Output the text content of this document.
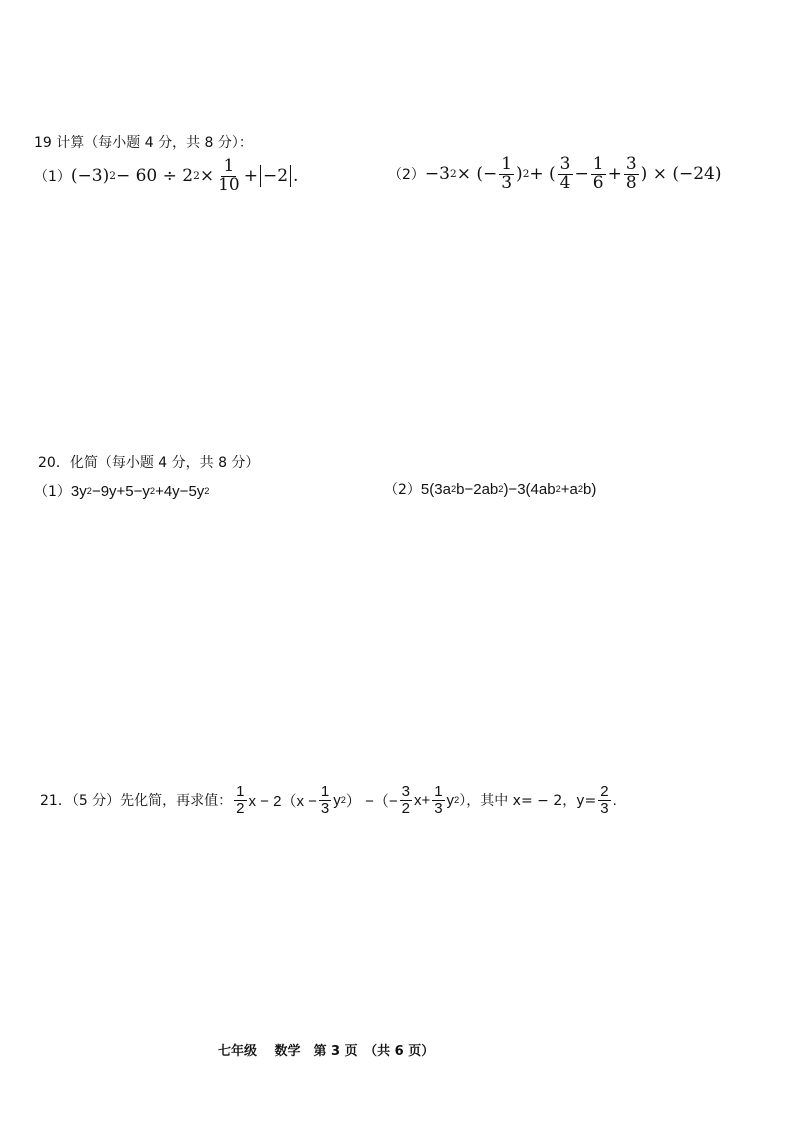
19 计算（每小题 4 分，共 8 分）：
（1） (−3) 2 − 60 ÷ 2 $2 \times \frac{1}{10} + -2$ .	（2） −3 2 × (− $\frac{1}{3}$ ) 2 + ( $\frac{3}{4} - \frac{1}{6} + \frac{3}{8}$ ) × (−24)
20．化简（每小题 4 分，共 8 分）
（1） 3y 2 −9y+5−y 2 +4y−5y 2	（2） 5(3a 2 b−2ab 2 )−3(4ab 2 +a 2 b)
21．（5 分）先化简，再求值： $\frac{1}{2}$ $x - 2(x - \frac{1}{3}$ y 2 ） −（− $\frac{3}{2} x+ \frac{1}{3}$ y 2 ），其中 x= − 2，$y= \frac{2}{3}$ .
七年级　 数学　第 3 页　（共 6 页）
